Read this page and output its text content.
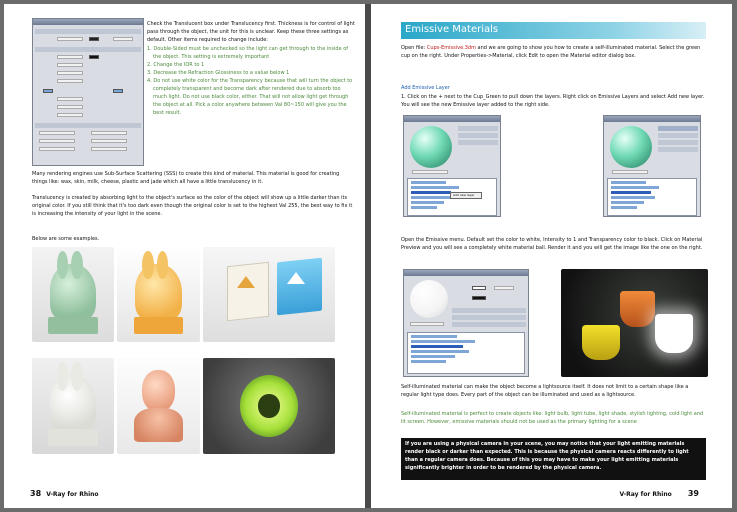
Check the Translucent box under Translucency first. Thickness is for control of light pass through the object, the unit for this is unclear. Keep these three settings as default. Other items required to change include:
1. Double-Sided must be unchecked so the light can get through to the inside of the object. This setting is extremely important
2. Change the IOR to 1
3. Decrease the Refraction Glossiness to a value below 1
4. Do not use white color for the Transparency because that will turn the object to completely transparent and become dark after rendered due to absorb too much light. Do not use black color, either. That will not allow light get through the object at all. Pick a color anywhere between Val 80~150 will give you the best result.
Many rendering engines use Sub-Surface Scattering (SSS) to create this kind of material. This material is good for creating things like: wax, skin, milk, cheese, plastic and jade which all have a little translucency in it.
Translucency is created by absorbing light to the object's surface so the color of the object will show up a little darker than its original color. If you still think that it's too dark even though the original color is set to the highest Val 255, the best way to fix it is increasing the intensity of your light in the scene.
Below are some examples.
38 V-Ray for Rhino
Emissive Materials
Open file: Cups-Emissive.3dm and we are going to show you how to create a self-illuminated material. Select the green cup on the right. Under Properties->Material, click Edit to open the Material editor dialog box.
Add Emissive Layer
1. Click on the + next to the Cup_Green to pull down the layers. Right click on Emissive Layers and select Add new layer. You will see the new Emissive layer added to the right side.
Add new layer
Open the Emissive menu. Default set the color to white, Intensity to 1 and Transparency color to black. Click on Material Preview and you will see a completely white material ball. Render it and you will get the image like the one on the right.
Self-illuminated material can make the object become a lightsource itself. It does not limit to a certain shape like a regular light type does. Every part of the object can be illuminated and used as a lightsource.
Self-illuminated material is perfect to create objects like: light bulb, light tube, light shade, stylish lighting, cold light and lit screen. However, emissive materials should not be used as the primary lighting for a scene
If you are using a physical camera in your scene, you may notice that your light emitting materials render black or darker than expected. This is because the physical camera reacts differently to light than a regular camera does. Because of this you may have to make your light emitting materials significantly brighter in order to be rendered by the physical camera.
V-Ray for Rhino 39
